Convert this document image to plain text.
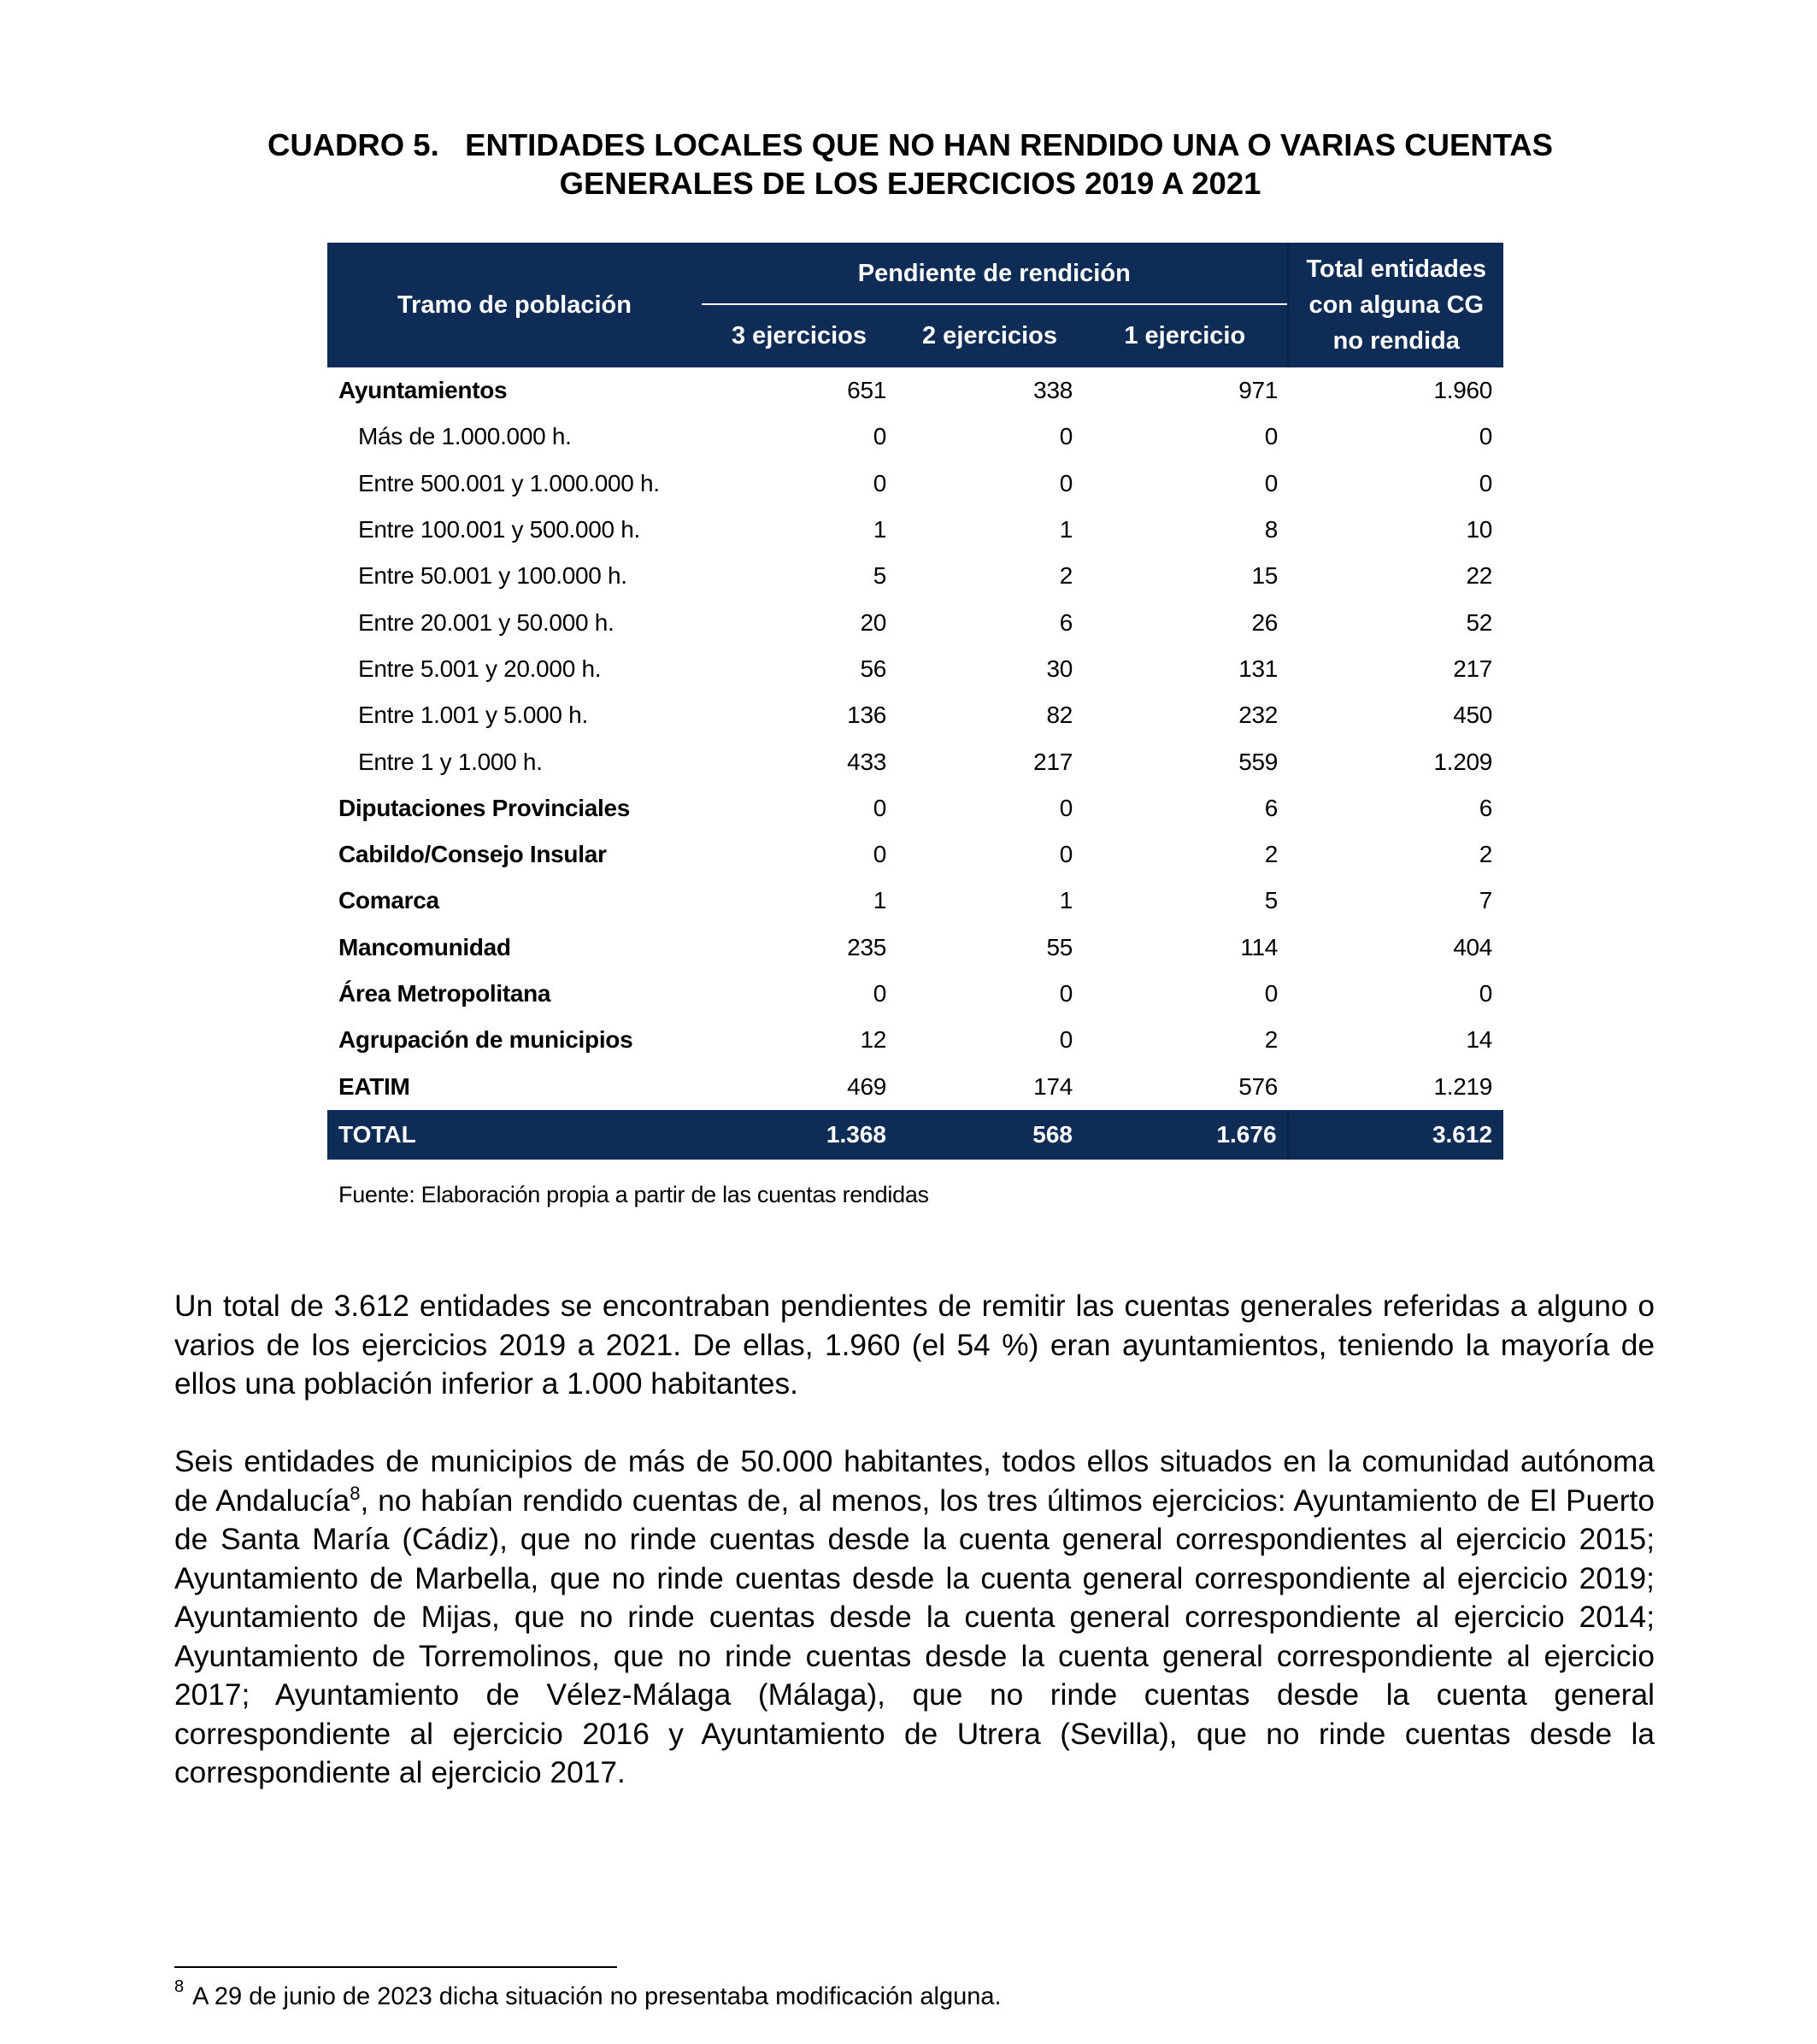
CUADRO 5.   ENTIDADES LOCALES QUE NO HAN RENDIDO UNA O VARIAS CUENTAS
GENERALES DE LOS EJERCICIOS 2019 A 2021
Tramo de población	Pendiente de rendición			Total entidades
con alguna CG
no rendida

	3 ejercicios	2 ejercicios	1 ejercicio	
Ayuntamientos	651	338	971	1.960
Más de 1.000.000 h.	0	0	0	0
Entre 500.001 y 1.000.000 h.	0	0	0	0
Entre 100.001 y 500.000 h.	1	1	8	10
Entre 50.001 y 100.000 h.	5	2	15	22
Entre 20.001 y 50.000 h.	20	6	26	52
Entre 5.001 y 20.000 h.	56	30	131	217
Entre 1.001 y 5.000 h.	136	82	232	450
Entre 1 y 1.000 h.	433	217	559	1.209
Diputaciones Provinciales	0	0	6	6
Cabildo/Consejo Insular	0	0	2	2
Comarca	1	1	5	7
Mancomunidad	235	55	114	404
Área Metropolitana	0	0	0	0
Agrupación de municipios	12	0	2	14
EATIM	469	174	576	1.219
TOTAL	1.368	568	1.676	3.612
Fuente: Elaboración propia a partir de las cuentas rendidas

Un total de 3.612 entidades se encontraban pendientes de remitir las cuentas generales referidas a alguno o varios de los ejercicios 2019 a 2021. De ellas, 1.960 (el 54 %) eran ayuntamientos, teniendo la mayoría de ellos una población inferior a 1.000 habitantes.

Seis entidades de municipios de más de 50.000 habitantes, todos ellos situados en la comunidad autónoma de Andalucía$^8$, no habían rendido cuentas de, al menos, los tres últimos ejercicios: Ayuntamiento de El Puerto de Santa María (Cádiz), que no rinde cuentas desde la cuenta general correspondientes al ejercicio 2015; Ayuntamiento de Marbella, que no rinde cuentas desde la cuenta general correspondiente al ejercicio 2019; Ayuntamiento de Mijas, que no rinde cuentas desde la cuenta general correspondiente al ejercicio 2014; Ayuntamiento de Torremolinos, que no rinde cuentas desde la cuenta general correspondiente al ejercicio 2017; Ayuntamiento de Vélez-Málaga (Málaga), que no rinde cuentas desde la cuenta general correspondiente al ejercicio 2016 y Ayuntamiento de Utrera (Sevilla), que no rinde cuentas desde la correspondiente al ejercicio 2017.

$^8$ A 29 de junio de 2023 dicha situación no presentaba modificación alguna.
